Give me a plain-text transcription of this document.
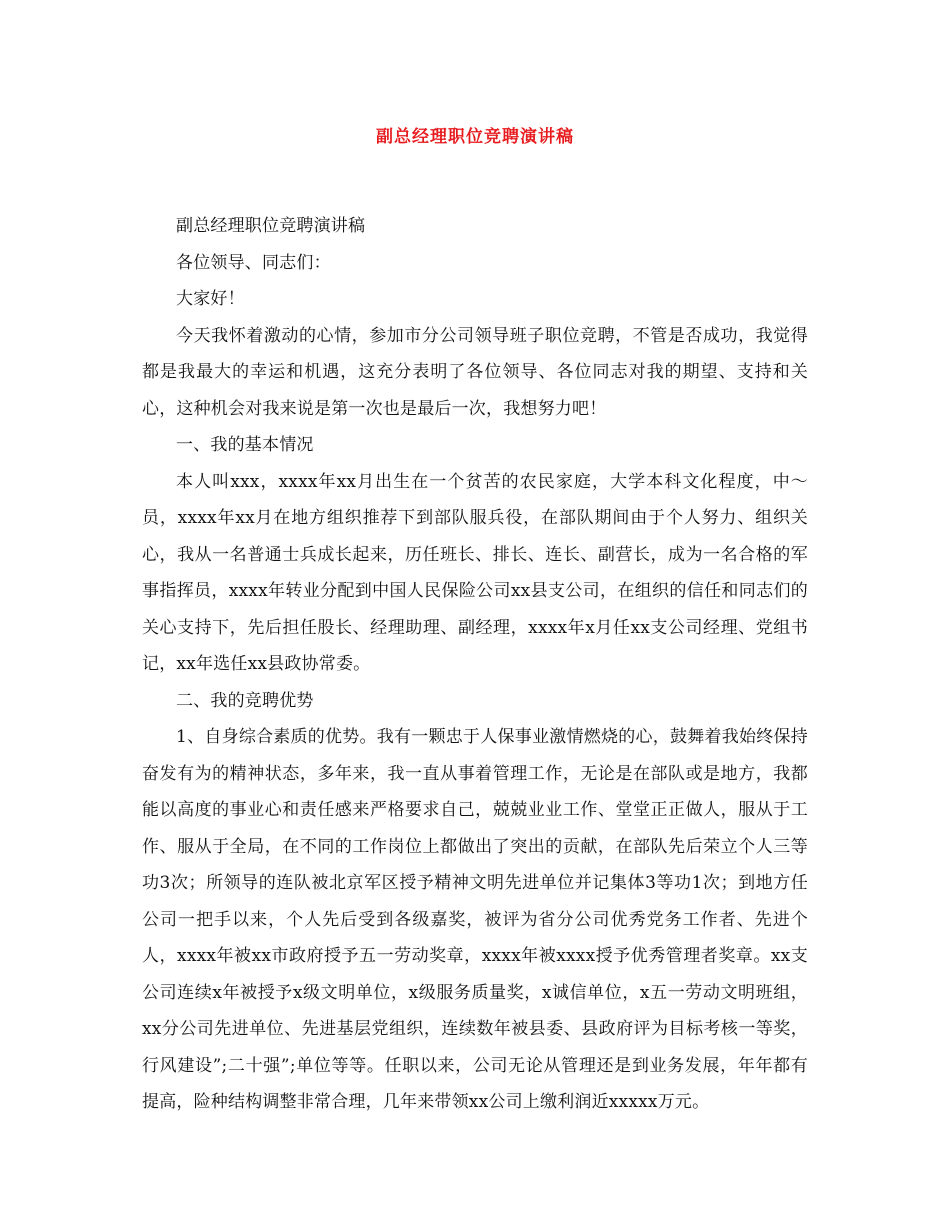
副总经理职位竞聘演讲稿

副总经理职位竞聘演讲稿

各位领导、同志们：

大家好！

今天我怀着激动的心情，参加市分公司领导班子职位竞聘，不管是否成功，我觉得都是我最大的幸运和机遇，这充分表明了各位领导、各位同志对我的期望、支持和关心，这种机会对我来说是第一次也是最后一次，我想努力吧！

一、我的基本情况

本人叫xxx，xxxx年xx月出生在一个贫苦的农民家庭，大学本科文化程度，中～员，xxxx年xx月在地方组织推荐下到部队服兵役，在部队期间由于个人努力、组织关心，我从一名普通士兵成长起来，历任班长、排长、连长、副营长，成为一名合格的军事指挥员，xxxx年转业分配到中国人民保险公司xx县支公司，在组织的信任和同志们的关心支持下，先后担任股长、经理助理、副经理，xxxx年x月任xx支公司经理、党组书记，xx年选任xx县政协常委。

二、我的竞聘优势

1、自身综合素质的优势。我有一颗忠于人保事业激情燃烧的心，鼓舞着我始终保持奋发有为的精神状态，多年来，我一直从事着管理工作，无论是在部队或是地方，我都能以高度的事业心和责任感来严格要求自己，兢兢业业工作、堂堂正正做人，服从于工作、服从于全局，在不同的工作岗位上都做出了突出的贡献，在部队先后荣立个人三等功3次；所领导的连队被北京军区授予精神文明先进单位并记集体3等功1次；到地方任公司一把手以来，个人先后受到各级嘉奖，被评为省分公司优秀党务工作者、先进个人，xxxx年被xx市政府授予五一劳动奖章，xxxx年被xxxx授予优秀管理者奖章。xx支公司连续x年被授予x级文明单位，x级服务质量奖，x诚信单位，x五一劳动文明班组，xx分公司先进单位、先进基层党组织，连续数年被县委、县政府评为目标考核一等奖，行风建设”;二十强”;单位等等。任职以来，公司无论从管理还是到业务发展，年年都有提高，险种结构调整非常合理，几年来带领xx公司上缴利润近xxxxx万元。
